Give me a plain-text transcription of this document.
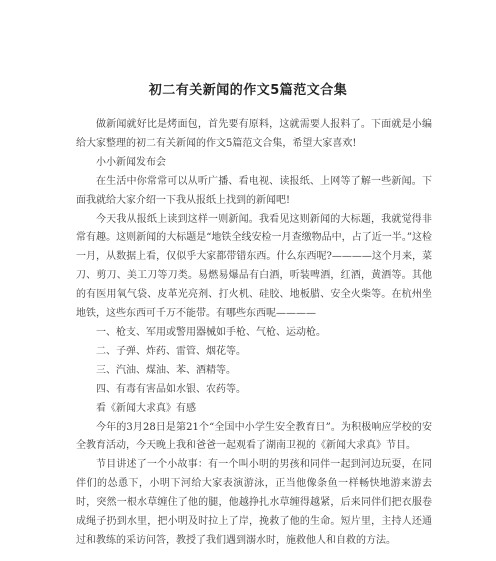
初二有关新闻的作文5篇范文合集

做新闻就好比是烤面包，首先要有原料，这就需要人报料了。下面就是小编给大家整理的初二有关新闻的作文5篇范文合集，希望大家喜欢!

小小新闻发布会

在生活中你常常可以从听广播、看电视、读报纸、上网等了解一些新闻。下面我就给大家介绍一下我从报纸上找到的新闻吧!

今天我从报纸上读到这样一则新闻。我看见这则新闻的大标题，我就觉得非常有趣。这则新闻的大标题是“地铁全线安检一月查缴物品中，占了近一半。”这检一月，从数据上看，仅似乎大家都带错东西。什么东西呢?————这个月来，菜刀、剪刀、美工刀等刀类。易燃易爆品有白酒，听装啤酒，红酒，黄酒等。其他的有医用氧气袋、皮革光亮剂、打火机、硅胶、地板腊、安全火柴等。在杭州坐地铁，这些东西可千万不能带。有哪些东西呢————

一、枪支、军用或警用器械如手枪、气枪、运动枪。

二、子弹、炸药、雷管、烟花等。

三、汽油、煤油、苯、酒精等。

四、有毒有害品如水银、农药等。

看《新闻大求真》有感

今年的3月28日是第21个“全国中小学生安全教育日”。为积极响应学校的安全教育活动，今天晚上我和爸爸一起观看了湖南卫视的《新闻大求真》节目。

节目讲述了一个小故事：有一个叫小明的男孩和同伴一起到河边玩耍，在同伴们的怂恿下，小明下河给大家表演游泳，正当他像条鱼一样畅快地游来游去时，突然一根水草缠住了他的腿，他越挣扎水草缠得越紧，后来同伴们把衣服卷成绳子扔到水里，把小明及时拉上了岸，挽救了他的生命。短片里，主持人还通过和教练的采访问答，教授了我们遇到溺水时，施救他人和自救的方法。
